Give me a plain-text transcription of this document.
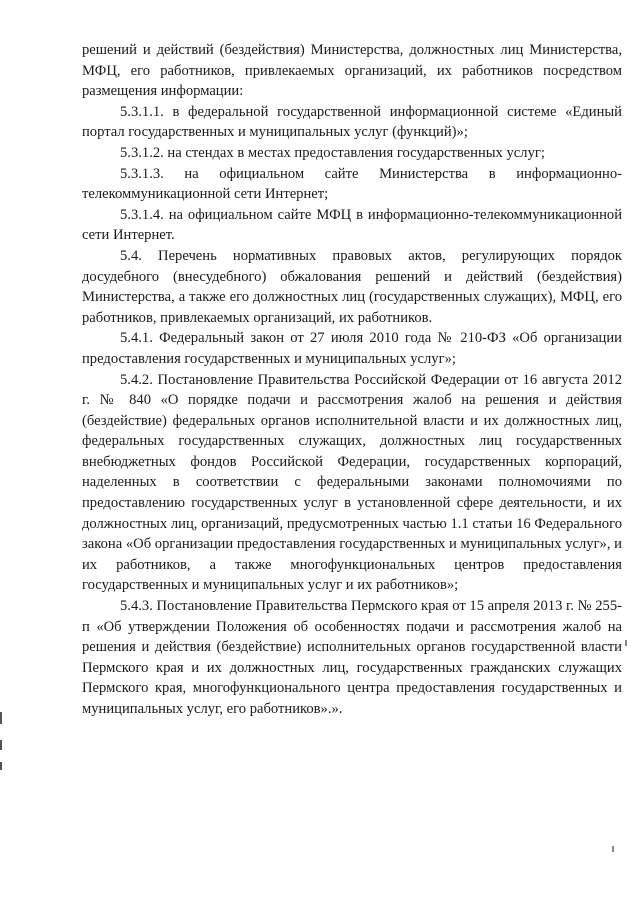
решений и действий (бездействия) Министерства, должностных лиц Министерства, МФЦ, его работников, привлекаемых организаций, их работников посредством размещения информации:

5.3.1.1. в федеральной государственной информационной системе «Единый портал государственных и муниципальных услуг (функций)»;

5.3.1.2. на стендах в местах предоставления государственных услуг;

5.3.1.3. на официальном сайте Министерства в информационно-телекоммуникационной сети Интернет;

5.3.1.4. на официальном сайте МФЦ в информационно-телекоммуникационной сети Интернет.

5.4. Перечень нормативных правовых актов, регулирующих порядок досудебного (внесудебного) обжалования решений и действий (бездействия) Министерства, а также его должностных лиц (государственных служащих), МФЦ, его работников, привлекаемых организаций, их работников.

5.4.1. Федеральный закон от 27 июля 2010 года № 210-ФЗ «Об организации предоставления государственных и муниципальных услуг»;

5.4.2. Постановление Правительства Российской Федерации от 16 августа 2012 г. № 840 «О порядке подачи и рассмотрения жалоб на решения и действия (бездействие) федеральных органов исполнительной власти и их должностных лиц, федеральных государственных служащих, должностных лиц государственных внебюджетных фондов Российской Федерации, государственных корпораций, наделенных в соответствии с федеральными законами полномочиями по предоставлению государственных услуг в установленной сфере деятельности, и их должностных лиц, организаций, предусмотренных частью 1.1 статьи 16 Федерального закона «Об организации предоставления государственных и муниципальных услуг», и их работников, а также многофункциональных центров предоставления государственных и муниципальных услуг и их работников»;

5.4.3. Постановление Правительства Пермского края от 15 апреля 2013 г. № 255-п «Об утверждении Положения об особенностях подачи и рассмотрения жалоб на решения и действия (бездействие) исполнительных органов государственной власти Пермского края и их должностных лиц, государственных гражданских служащих Пермского края, многофункционального центра предоставления государственных и муниципальных услуг, его работников».».
